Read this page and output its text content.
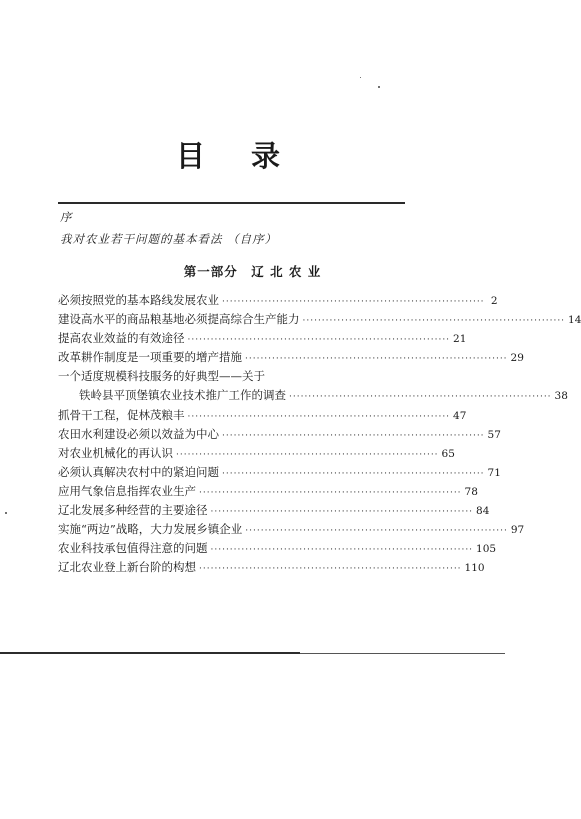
目 录
序
我对农业若干问题的基本看法 （自序）
第一部分　辽 北 农 业
必须按照党的基本路线发展农业 ···································································· 2
建设高水平的商品粮基地必须提高综合生产能力 ···································································· 14
提高农业效益的有效途径 ···································································· 21
改革耕作制度是一项重要的增产措施 ···································································· 29
一个适度规模科技服务的好典型——关于
铁岭县平顶堡镇农业技术推广工作的调查 ···································································· 38
抓骨干工程，促林茂粮丰 ···································································· 47
农田水利建设必须以效益为中心 ···································································· 57
对农业机械化的再认识 ···································································· 65
必须认真解决农村中的紧迫问题 ···································································· 71
应用气象信息指挥农业生产 ···································································· 78
辽北发展多种经营的主要途径 ···································································· 84
实施“两边”战略，大力发展乡镇企业 ···································································· 97
农业科技承包值得注意的问题 ···································································· 105
辽北农业登上新台阶的构想 ···································································· 110
